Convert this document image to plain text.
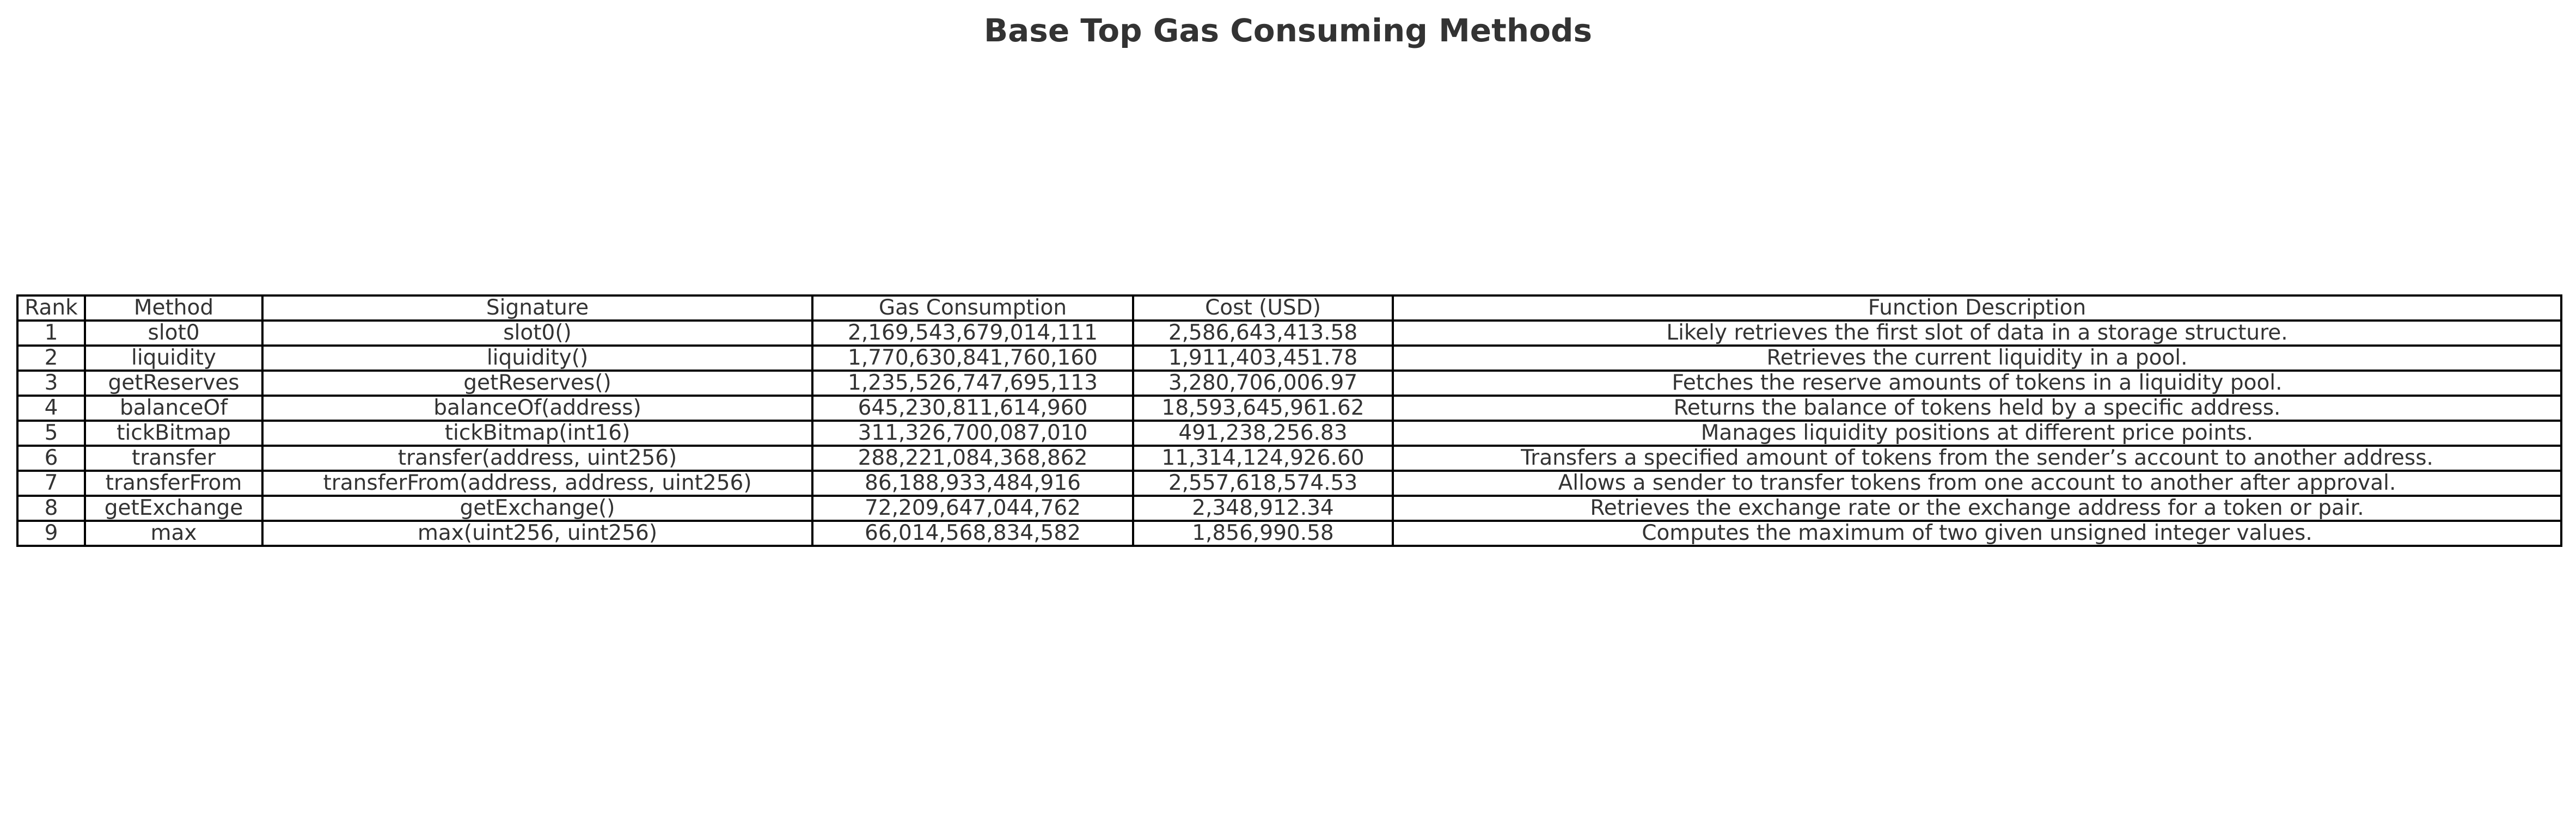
Base Top Gas Consuming Methods
Rank	Method	Signature	Gas Consumption	Cost (USD)	Function Description
1	slot0	slot0()	2,169,543,679,014,111	2,586,643,413.58	Likely retrieves the first slot of data in a storage structure.
2	liquidity	liquidity()	1,770,630,841,760,160	1,911,403,451.78	Retrieves the current liquidity in a pool.
3	getReserves	getReserves()	1,235,526,747,695,113	3,280,706,006.97	Fetches the reserve amounts of tokens in a liquidity pool.
4	balanceOf	balanceOf(address)	645,230,811,614,960	18,593,645,961.62	Returns the balance of tokens held by a specific address.
5	tickBitmap	tickBitmap(int16)	311,326,700,087,010	491,238,256.83	Manages liquidity positions at different price points.
6	transfer	transfer(address, uint256)	288,221,084,368,862	11,314,124,926.60	Transfers a specified amount of tokens from the sender’s account to another address.
7	transferFrom	transferFrom(address, address, uint256)	86,188,933,484,916	2,557,618,574.53	Allows a sender to transfer tokens from one account to another after approval.
8	getExchange	getExchange()	72,209,647,044,762	2,348,912.34	Retrieves the exchange rate or the exchange address for a token or pair.
9	max	max(uint256, uint256)	66,014,568,834,582	1,856,990.58	Computes the maximum of two given unsigned integer values.
